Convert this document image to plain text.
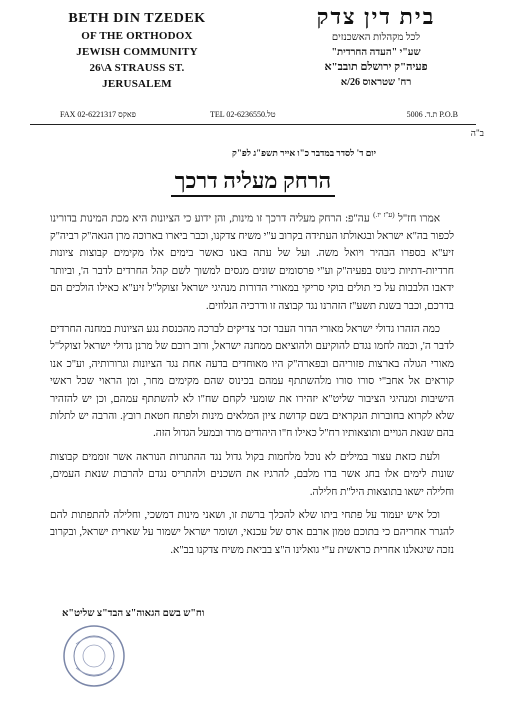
BETH DIN TZEDEK
OF THE ORTHODOX
JEWISH COMMUNITY
26\A STRAUSS ST.
JERUSALEM
בית דין צדק
לכל מקהלות האשכנזים
שע"י "העדה החרדית"
פעיה"ק ירושלם תובב"א
רח' שטראוס 26/א
FAX 02-6221317 פאקס	TEL 02-6236550.טל	ת.ד. 5006 P.O.B
ב"ה
יום ד' לסדר במדבר כ"ו אייר תשפ"ג לפ"ק
הרחק מעליה דרכך

אמרו חז"ל $^{(ע"ז יז.)}$ עה"פ: הרחק מעליה דרכך זו מינות, והן ידוע כי הציונות היא מכת המינות בדורינו לכפור בה"א ישראל ובגאולתו העתידה בקרוב ע"י משיח צדקנו, וכבר ביארו בארוכה מרן הגאה"ק רביה"ק זיע"א בספרו הבהיר ויואל משה. ועל של עתה באנו כאשר בימים אלו מקימים קבוצות ציונות חרדיות-דתיות כינוס בפעיה"ק וע"י פרסומים שונים מנסים למשוך לשם קהל החרדים לדבר ה', וביותר ידאבו הלבבות על כי תולים בוקי סריקי במאורי הדורות מנהיגי ישראל זצוקל"ל זיע"א כאילו הולכים הם בדרכם, וכבר בשנת תשע"ז הזהרנו נגד קבוצה זו ודרכיה הנלוזים.

כמה הזהרו גדולי ישראל מאורי הדור העבר זכר צדיקים לברכה מהכנסת נגע הציונות במחנה החרדים לדבר ה', וכמה לחמו נגדם להוקיעם ולהוציאם ממחנה ישראל, ורוב רובם של מרנן גדולי ישראל זצוקל"ל מאורי הגולה בארצות פזוריהם ובפארה"ק היו מאוחדים בדעה אחת נגד הציונות וגרורותיה, וע"כ אנו קוראים אל אחב"י סורו סורו מלהשתתף עמהם בכינוס שהם מקימים מחר, ומן הראוי שכל ראשי הישיבות ומנהיגי הציבור שליט"א יזהירו את שומעי לקחם שח"ו לא להשתתף עמהם, וכן יש להזהיר שלא לקרוא בחוברות הנקראים בשם קדושת ציון המלאים מינות ולפתח חטאת רובץ. והרבה יש לתלות בהם שנאת הגויים ותוצאותיו רח"ל כאילו ח"ו היהודים מרד ובמעל הגדול הזה.

ולעת כזאת עצור במילים לא נוכל מלחמות בקול גדול נגד ההתגרות הנוראה אשר זוממים קבוצות שונות לימים אלו בחג אשר בדו מלבם, להרגיז את השכנים ולהתריס נגדם להרבות שנאת העמים, וחלילה ישאו בתוצאות היל"ת חלילה.

וכל איש יעמוד על פתחי ביתו שלא להכלך ברשת זו, ושאני מינות דמשכי, וחלילה להתפתות להם להגרר אחריהם כי בתוכם טמון ארבם ארס של עכנאי, ושומר ישראל ישמור על שארית ישראל, ובקרוב נזכה שיגאלנו אחרית כראשית ע"י גואלינו ה"צ בביאת משיח צדקנו בב"א.

וח"ש בשם הגאוה"צ הבד"צ שליט"א
